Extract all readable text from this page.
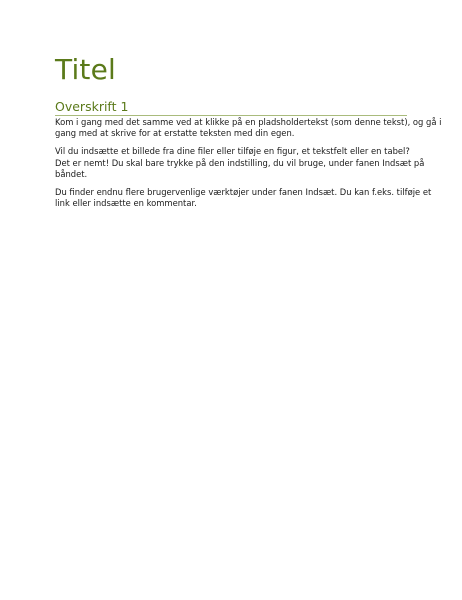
Titel
Overskrift 1

Kom i gang med det samme ved at klikke på en pladsholdertekst (som denne tekst), og gå i
gang med at skrive for at erstatte teksten med din egen.

Vil du indsætte et billede fra dine filer eller tilføje en figur, et tekstfelt eller en tabel?
Det er nemt! Du skal bare trykke på den indstilling, du vil bruge, under fanen Indsæt på
båndet.

Du finder endnu flere brugervenlige værktøjer under fanen Indsæt. Du kan f.eks. tilføje et
link eller indsætte en kommentar.
